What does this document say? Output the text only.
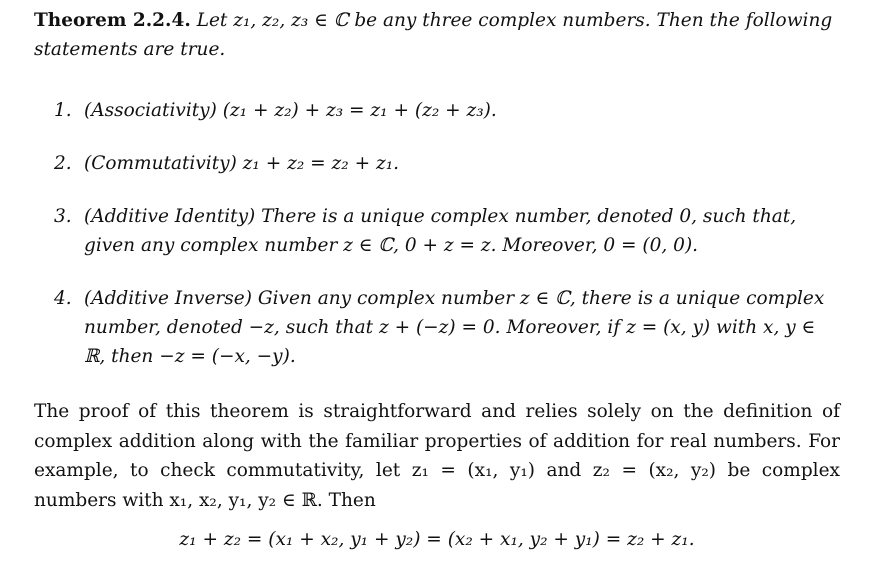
Theorem 2.2.4. Let z₁, z₂, z₃ ∈ ℂ be any three complex numbers. Then the following statements are true.
1. (Associativity) (z₁ + z₂) + z₃ = z₁ + (z₂ + z₃).
2. (Commutativity) z₁ + z₂ = z₂ + z₁.
3. (Additive Identity) There is a unique complex number, denoted 0, such that, given any complex number z ∈ ℂ, 0 + z = z. Moreover, 0 = (0, 0).
4. (Additive Inverse) Given any complex number z ∈ ℂ, there is a unique complex number, denoted −z, such that z + (−z) = 0. Moreover, if z = (x, y) with x, y ∈ ℝ, then −z = (−x, −y).
The proof of this theorem is straightforward and relies solely on the definition of complex addition along with the familiar properties of addition for real numbers. For example, to check commutativity, let z₁ = (x₁, y₁) and z₂ = (x₂, y₂) be complex numbers with x₁, x₂, y₁, y₂ ∈ ℝ. Then
z₁ + z₂ = (x₁ + x₂, y₁ + y₂) = (x₂ + x₁, y₂ + y₁) = z₂ + z₁.
